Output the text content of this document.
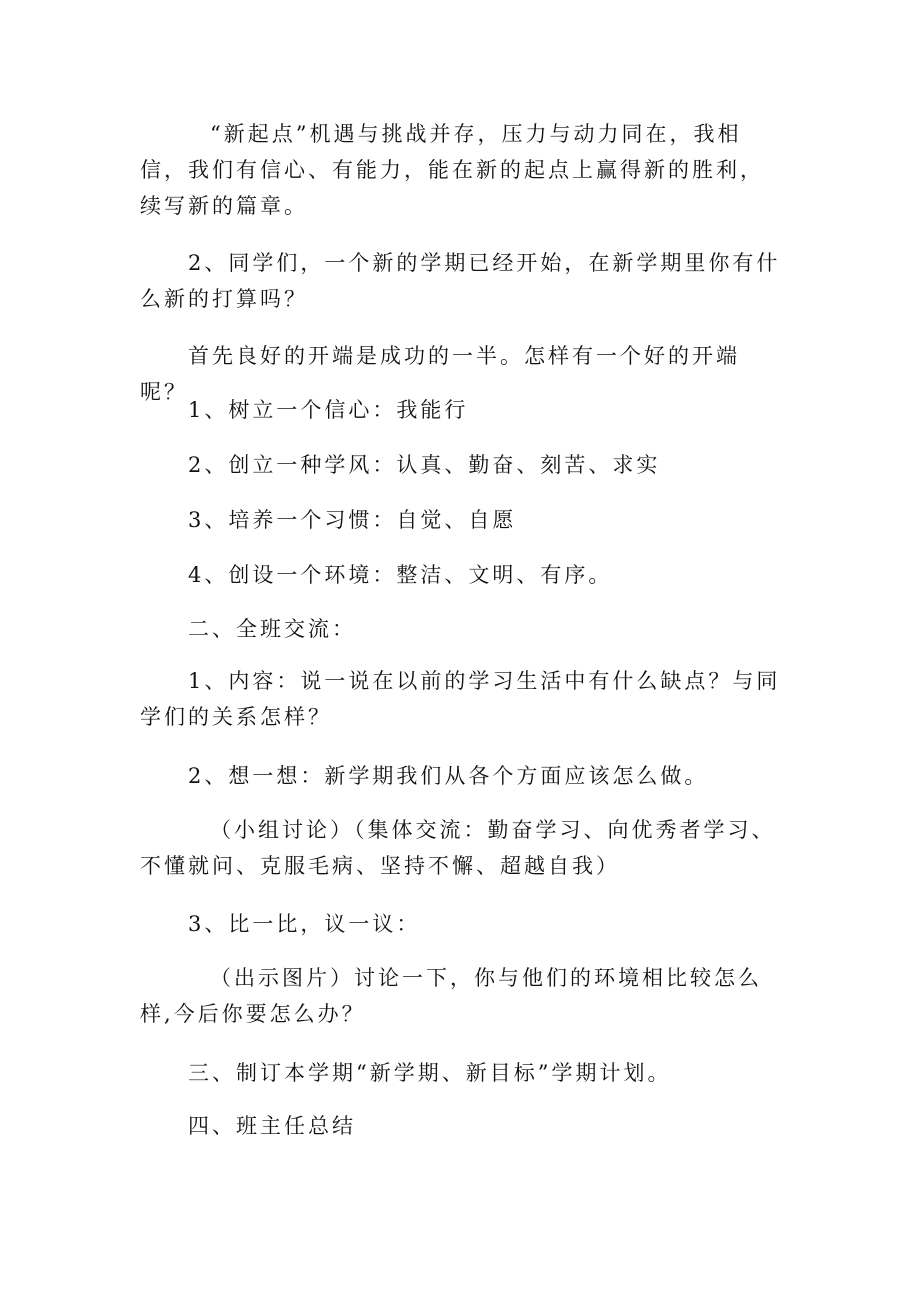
“新起点”机遇与挑战并存，压力与动力同在，我相信，我们有信心、有能力，能在新的起点上赢得新的胜利，续写新的篇章。

2、同学们，一个新的学期已经开始，在新学期里你有什么新的打算吗？

首先良好的开端是成功的一半。怎样有一个好的开端呢？

1、树立一个信心：我能行

2、创立一种学风：认真、勤奋、刻苦、求实

3、培养一个习惯：自觉、自愿

4、创设一个环境：整洁、文明、有序。

二、全班交流：

1、内容：说一说在以前的学习生活中有什么缺点？与同学们的关系怎样？

2、想一想：新学期我们从各个方面应该怎么做。

（小组讨论）（集体交流：勤奋学习、向优秀者学习、不懂就问、克服毛病、坚持不懈、超越自我）

3、比一比，议一议：

（出示图片）讨论一下，你与他们的环境相比较怎么样,今后你要怎么办？

三、制订本学期“新学期、新目标”学期计划。

四、班主任总结
